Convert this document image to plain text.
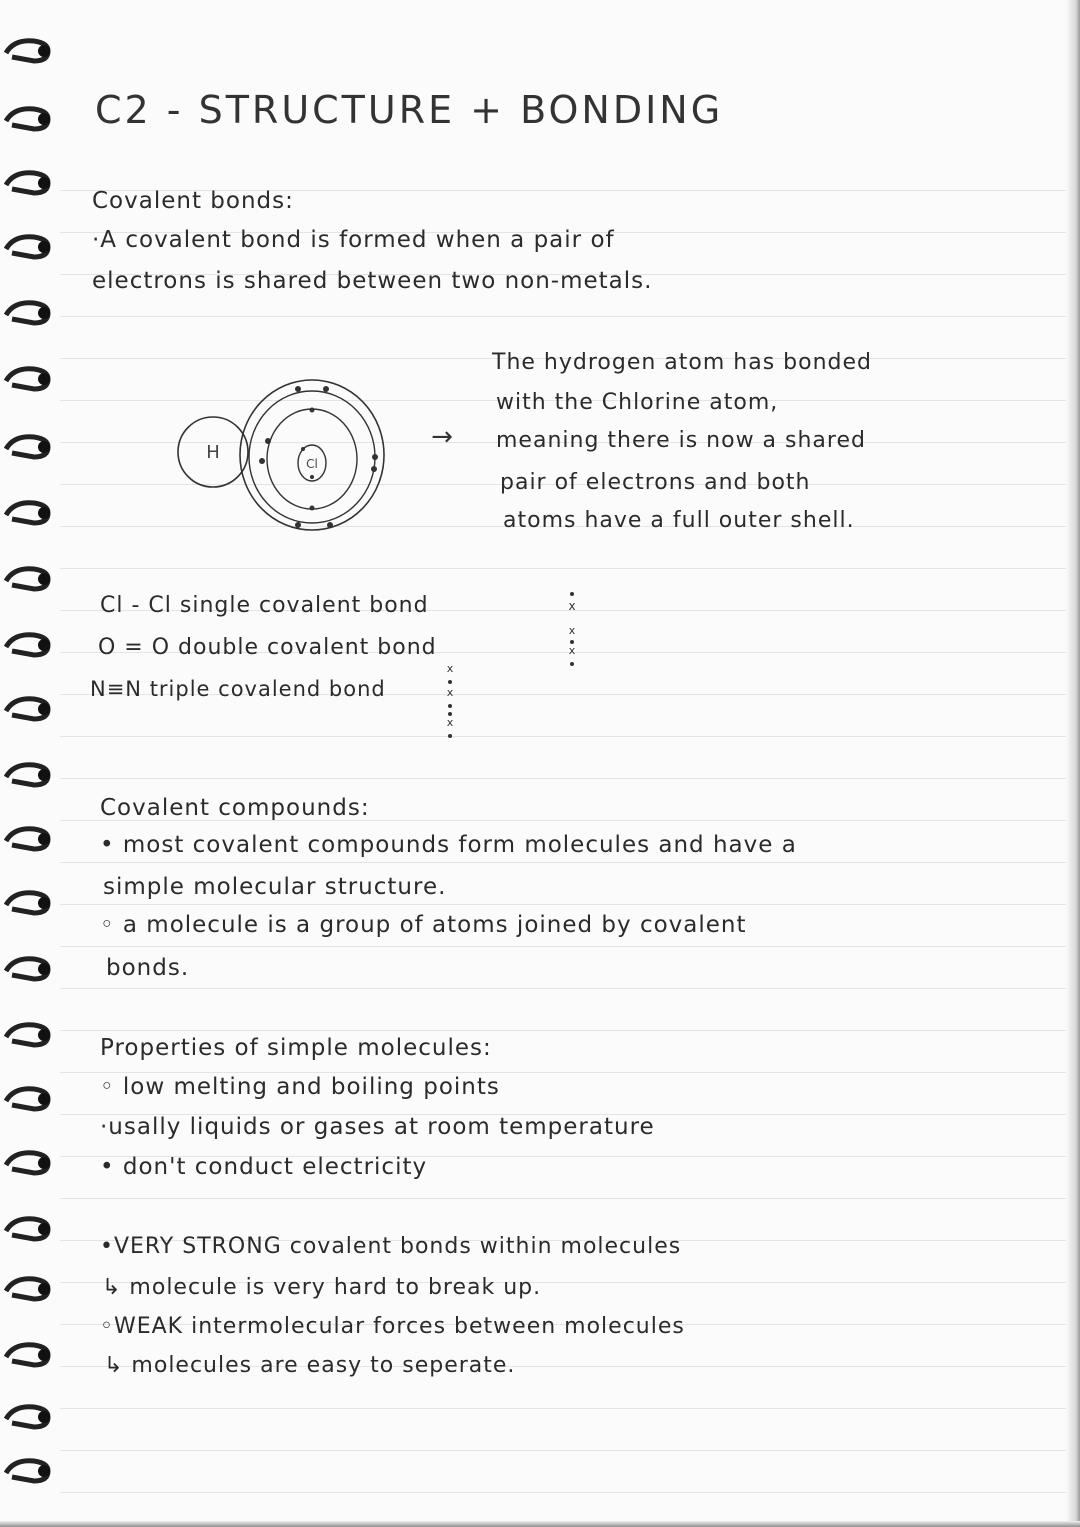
C2 - STRUCTURE + BONDING
Covalent bonds:
·A covalent bond is formed when a pair of
electrons is shared between two non-metals.
H
Cl
→
The hydrogen atom has bonded
with the Chlorine atom,
meaning there is now a shared
pair of electrons and both
atoms have a full outer shell.
Cl - Cl single covalent bond
O = O double covalent bond
N≡N triple covalend bond
x
x
x
x
x
x
Covalent compounds:
• most covalent compounds form molecules and have a
simple molecular structure.
◦ a molecule is a group of atoms joined by covalent
bonds.
Properties of simple molecules:
◦ low melting and boiling points
·usally liquids or gases at room temperature
• don't conduct electricity
•VERY STRONG covalent bonds within molecules
↳ molecule is very hard to break up.
◦WEAK intermolecular forces between molecules
↳ molecules are easy to seperate.
